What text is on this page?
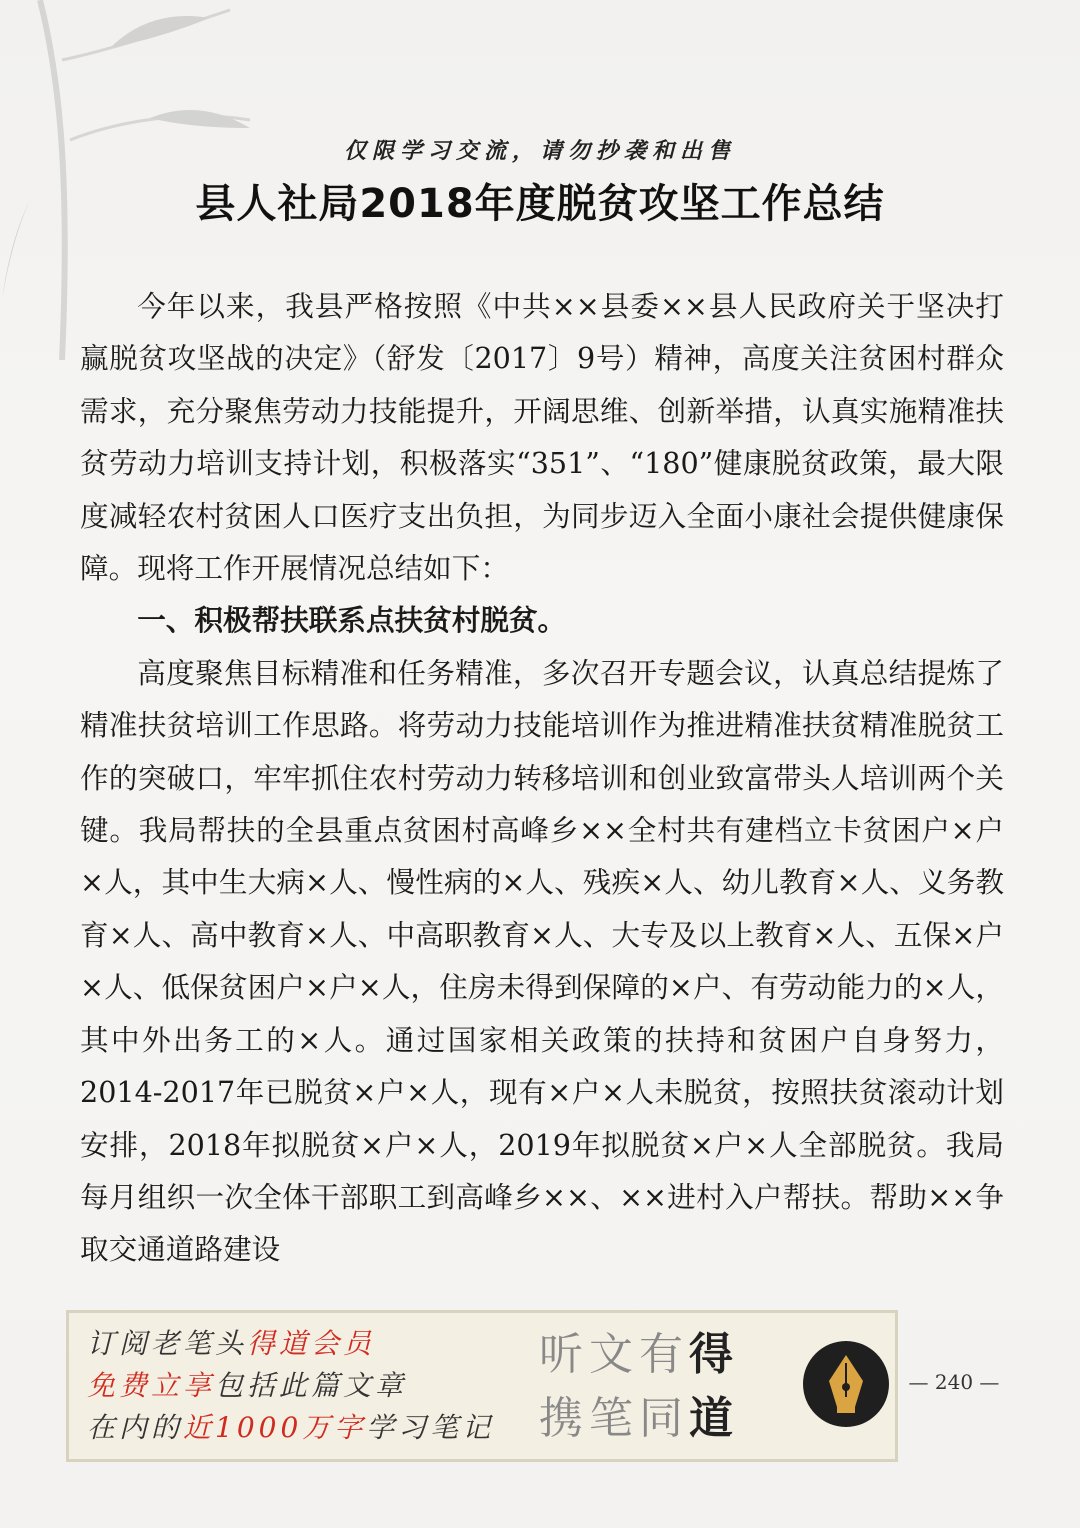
仅限学习交流，请勿抄袭和出售
县人社局2018年度脱贫攻坚工作总结

今年以来，我县严格按照《中共××县委××县人民政府关于坚决打赢脱贫攻坚战的决定》（舒发〔2017〕9号）精神，高度关注贫困村群众需求，充分聚焦劳动力技能提升，开阔思维、创新举措，认真实施精准扶贫劳动力培训支持计划，积极落实“351”、“180”健康脱贫政策，最大限度减轻农村贫困人口医疗支出负担，为同步迈入全面小康社会提供健康保障。现将工作开展情况总结如下：

一、积极帮扶联系点扶贫村脱贫。

高度聚焦目标精准和任务精准，多次召开专题会议，认真总结提炼了精准扶贫培训工作思路。将劳动力技能培训作为推进精准扶贫精准脱贫工作的突破口，牢牢抓住农村劳动力转移培训和创业致富带头人培训两个关键。我局帮扶的全县重点贫困村高峰乡××全村共有建档立卡贫困户×户×人，其中生大病×人、慢性病的×人、残疾×人、幼儿教育×人、义务教育×人、高中教育×人、中高职教育×人、大专及以上教育×人、五保×户×人、低保贫困户×户×人，住房未得到保障的×户、有劳动能力的×人，其中外出务工的×人。通过国家相关政策的扶持和贫困户自身努力，2014-2017年已脱贫×户×人，现有×户×人未脱贫，按照扶贫滚动计划安排，2018年拟脱贫×户×人，2019年拟脱贫×户×人全部脱贫。我局每月组织一次全体干部职工到高峰乡××、××进村入户帮扶。帮助××争取交通道路建设

订阅老笔头得道会员
免费立享包括此篇文章
在内的近1000万字学习笔记
听文有得
携笔同道
— 240 —
